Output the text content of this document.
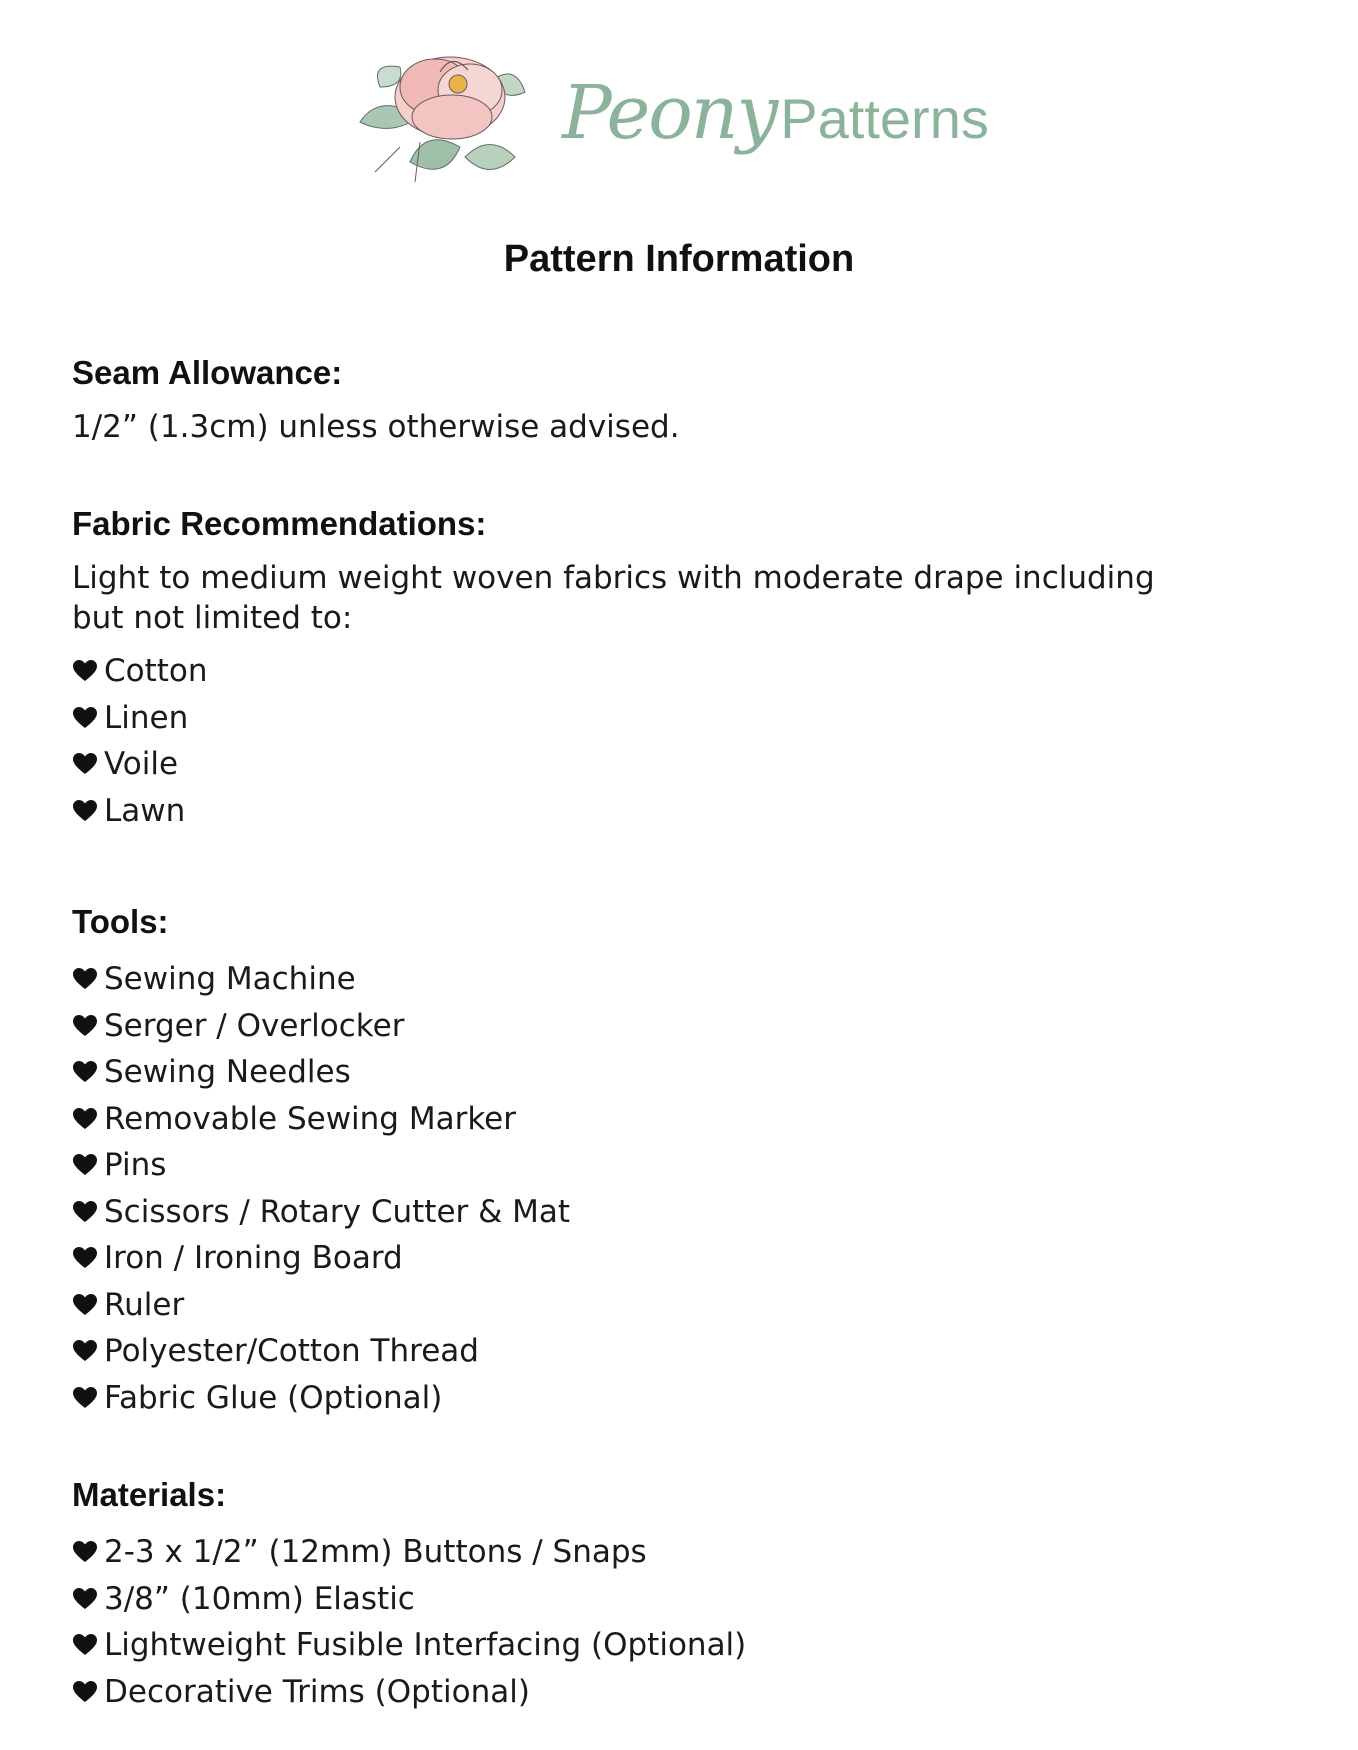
PeonyPatterns
Pattern Information
Seam Allowance:

1/2” (1.3cm) unless otherwise advised.

Fabric Recommendations:

Light to medium weight woven fabrics with moderate drape including but not limited to:

Cotton
Linen
Voile
Lawn
Tools:
Sewing Machine
Serger / Overlocker
Sewing Needles
Removable Sewing Marker
Pins
Scissors / Rotary Cutter & Mat
Iron / Ironing Board
Ruler
Polyester/Cotton Thread
Fabric Glue (Optional)
Materials:
2-3 x 1/2” (12mm) Buttons / Snaps
3/8” (10mm) Elastic
Lightweight Fusible Interfacing (Optional)
Decorative Trims (Optional)
